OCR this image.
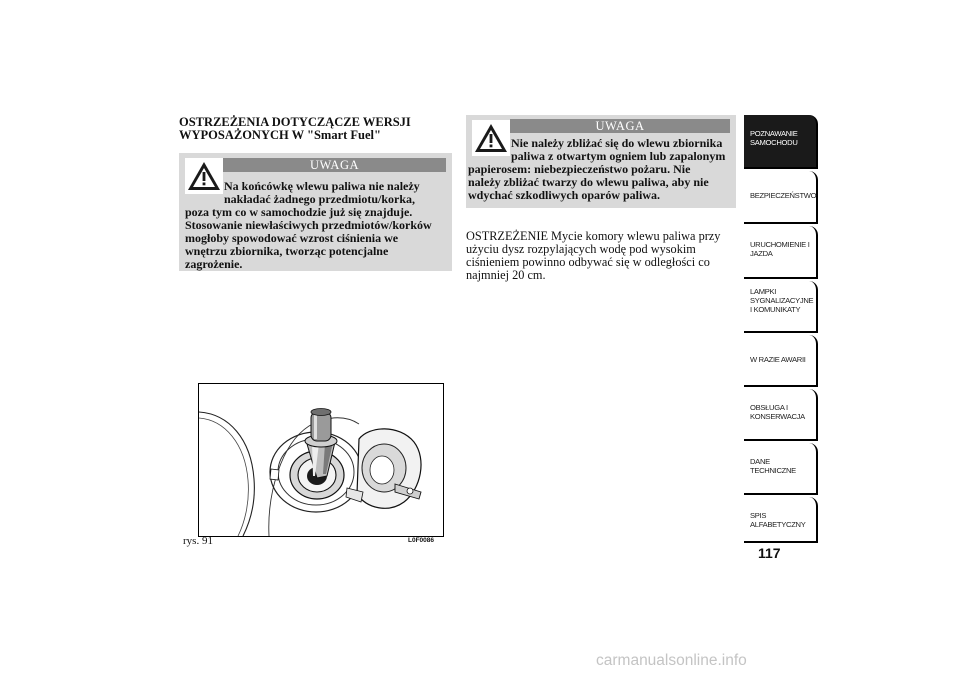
OSTRZEŻENIA DOTYCZĄCZE WERSJI
WYPOSAŻONYCH W "Smart Fuel"
UWAGA
Na końcówkę wlewu paliwa nie należy
nakładać żadnego przedmiotu/korka,
poza tym co w samochodzie już się znajduje.
Stosowanie niewłaściwych przedmiotów/korków
mogłoby spowodować wzrost ciśnienia we
wnętrzu zbiornika, tworząc potencjalne
zagrożenie.
UWAGA
Nie należy zbliżać się do wlewu zbiornika
paliwa z otwartym ogniem lub zapalonym
papierosem: niebezpieczeństwo pożaru. Nie
należy zbliżać twarzy do wlewu paliwa, aby nie
wdychać szkodliwych oparów paliwa.
OSTRZEŻENIE Mycie komory wlewu paliwa przy
użyciu dysz rozpylających wodę pod wysokim
ciśnieniem powinno odbywać się w odległości co
najmniej 20 cm.
rys. 91	L0F0086
POZNAWANIE
SAMOCHODU
BEZPIECZEŃSTWO
URUCHOMIENIE I
JAZDA
LAMPKI
SYGNALIZACYJNE
I KOMUNIKATY
W RAZIE AWARII
OBSŁUGA I
KONSERWACJA
DANE
TECHNICZNE
SPIS
ALFABETYCZNY
117
carmanualsonline.info
